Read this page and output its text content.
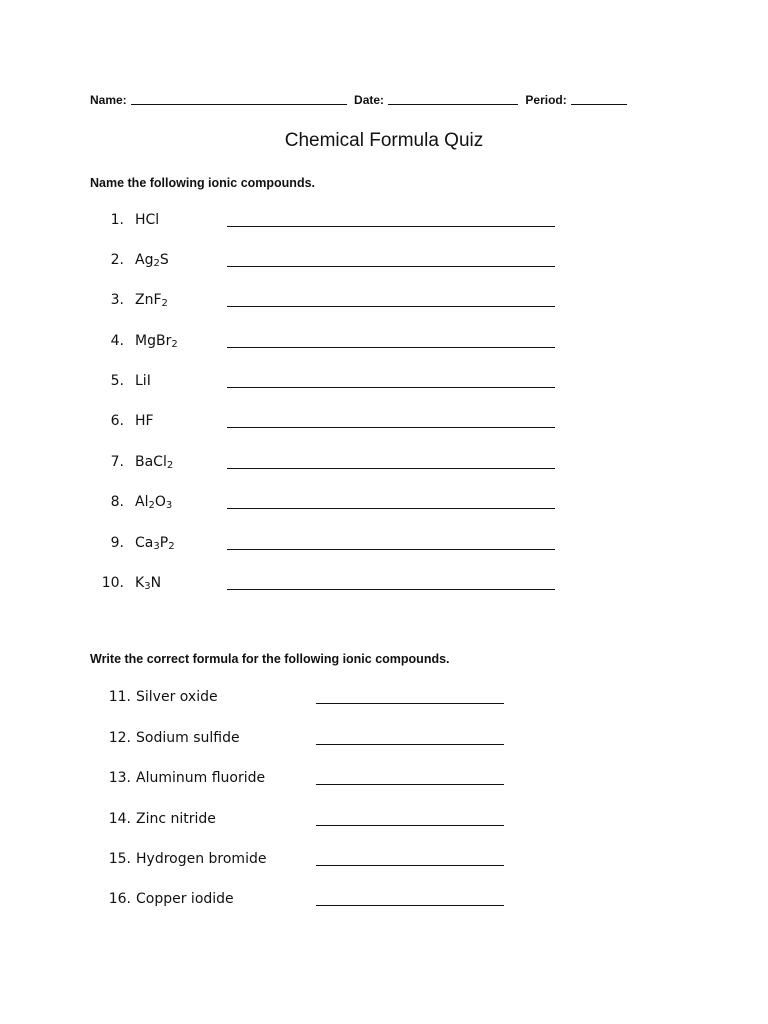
Name:	Date:	Period:
Chemical Formula Quiz
Name the following ionic compounds.
1. HCl
2. $Ag_2S$
3. ZnF$_2$
4. MgBr$_2$
5. LiI
6. HF
7. BaCl$_2$
8. $Al_2O_3$
9. $Ca_3P_2$
10. $K_3N$
Write the correct formula for the following ionic compounds.
11. Silver oxide
12. Sodium sulfide
13. Aluminum fluoride
14. Zinc nitride
15. Hydrogen bromide
16. Copper iodide
